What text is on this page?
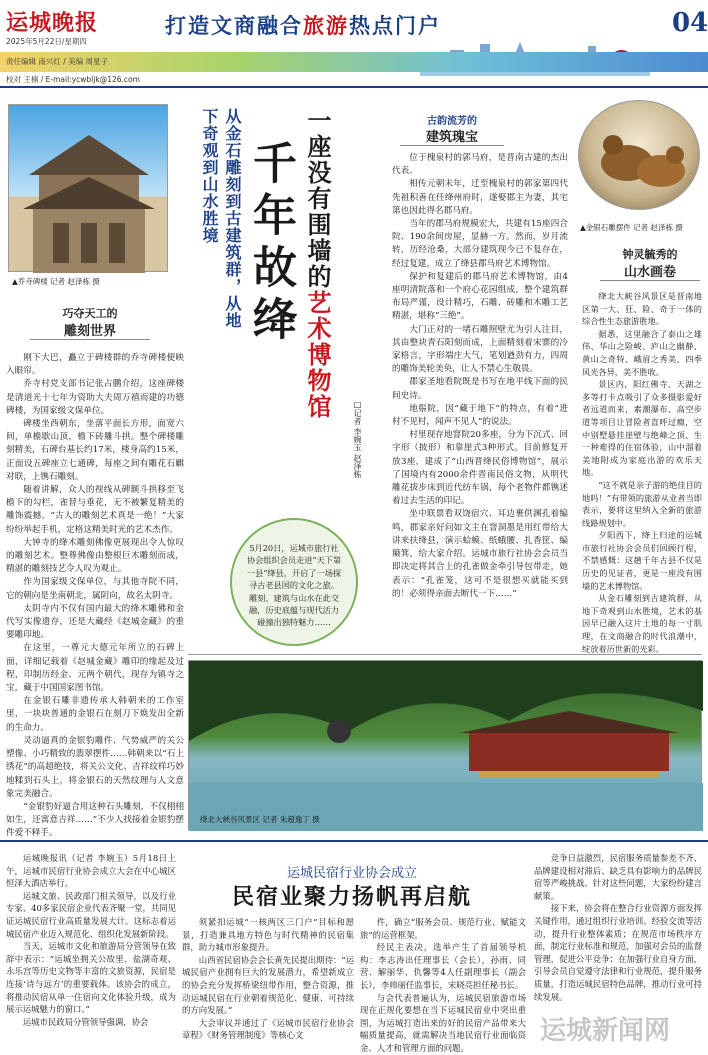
运城晚报	打造文商融合旅游热点门户	04
2025年5月22日/星期四
责任编辑 南兴红 / 美编 周星子
校对 王楠 / E-mail:ycwbljk@126.com
▲乔寺碑楼 记者 赵泽栋 摄
巧夺天工的
雕刻世界

刚下大巴，矗立于碑楼群的乔寺碑楼便映入眼帘。

乔寺村党支部书记张占鹏介绍，这座碑楼是清道光十七年为资助大夫周万禧而建的功德碑楼，为国家级文保单位。

碑楼坐西朝东，坐落平面长方形，面宽六间，单檐歇山顶，檐下砖雕斗拱。整个碑楼雕刻精美，石碑台基长约17米，楼身高约15米，正面设五碑座立七通碑，每座之间有雕花石麒对联，上镌石雕刻。

随着讲解，众人的视线从碑额斗拱移至飞檐下的勾栏，雀替与垂花，无不被繁复精美的雕饰震撼。“古人的雕刻艺术真是一绝！”大家纷纷举起手机，定格这精美时光的艺术杰作。

大钟寺的绛木雕刻佛像更展现出令人惊叹的雕刻艺术。整尊佛像由整根巨木雕刻而成，精湛的雕刻技艺令人叹为观止。

作为国家级文保单位，与其他寺院不同，它的朝向是坐南朝北，属阴向，故名太阴寺。

太阴寺内不仅有国内最大的绛木雕佛和金代写实像遗存，还是大藏经《赵城金藏》的重要雕印地。

在这里，一尊元大德元年所立的石碑上面，详细记载着《赵城金藏》雕印的缘起及过程，印制历经金、元两个朝代，现存为镇寺之宝，藏于中国国家图书馆。

在金银石雕非遗传承人韩朝来的工作室里，一块块普通的金银石在刻刀下焕发出全新的生命力。

灵动逼真的金银豹雕件、气势威严的关公塑像、小巧精致的翡翠摆件……韩朝来以“石上绣花”的高超绝技，将关公文化、吉祥纹样巧妙地糅到石头上，将金银石的天然纹理与人文意象完美融合。

“金银豹好逼合用这种石头雕刻，不仅栩栩如生，还寓意吉祥……”不少人找接着金银豹摆件爱不释手。

从金石雕刻到古建筑群，从地下奇观到山水胜境 千年故绛 一座没有围墙的艺术博物馆
□记者 李婉玉 赵泽栋
5月20日，运城市旅行社协会组织会员走进“天下第一县”绛县，开启了一场探寻古老县国的文化之旅。雕刻、建筑与山水在此交融，历史底蕴与现代活力碰撞出独特魅力……
古韵流芳的
建筑瑰宝

位于槐泉村的郭马府，是晋南古建的杰出代表。

相传元朝末年，迁至槐泉村的郭家第四代先祖积善在任绛州府时，遂娶郡主为妻，其宅第也因此得名郡马府。

当年的郡马府规模宏大，共建有15座四合院、190余间房屋，显赫一方。然而，岁月流转，历经沧桑，大部分建筑现今已不复存在，经过复建，成立了绛县郡马府艺术博物馆。

保护和复建后的郡马府艺术博物馆，由4座明清院落和一个府心花园组成，整个建筑群布局严谨，设计精巧，石雕、砖雕和木雕工艺精湛，堪称“三绝”。

大门正对的一堵石雕照壁尤为引人注目，其由整块青石阳刻而成，上面精刻着宋寨的冷家格言，字形端庄大气，笔划遒劲有力，四周的雕饰美轮美奂，让人不禁心生敬畏。

郡家圣地看院既是书写在地平线下面的民间史诗。

地鬃院，因“藏于地下”的特点，有着“进村不见村，闻声不见人”的说法。

村里现存地窨院20多座，分为下沉式、回字形（披形）和靠崖式3种形式。目前修复开放3座，建成了“山西晋绛民俗博物馆”，展示了国境内有2000余件晋南民俗文物，从明代雕花拔步床到近代纺车锅，每个老物件都镌述着过去生活的印记。

坐中联票看双饶宿穴、耳边裹供渊孔着编鸣，郡家亲好问如文主在窨洞墨是用红带给大讲来扶绛县，演示蛤蟆、纸蛾腰、扎香筐、编簸箕，给大家介绍。运城市旅行社协会会员当即决定将其合上的孔雀做金牵引导包带走，她表示：“孔雀笼，这可不是很想买就能买到的！必须得亲面去断代一下……”

▲金银石雕摆件 记者 赵泽栋 摄
钟灵毓秀的
山水画卷

绛北大峡谷风景区是晋南地区第一大、狂、险、奇于一体的综合性生态旅游胜地。

据悉，这里融合了泰山之雄伟、华山之险峻、庐山之幽静、黄山之奇特、峨眉之秀美，四季风光各异，美不胜收。

景区内，阳红佛寺、天湖之多等打卡点吸引了众多摄影爱好者远道而来，素潮瀑布、高空步道等项目让冒险者直呼过瘾，空中别墅悬挂崖壁与绝峰之顶、生一种难得的住宿体验，山中溜着美地附成为家庭出游的欢乐天地。

“这不就是亲子游的绝佳目的地吗！”有带领的旅游从业者当即表示，要将这里纳入全新的旅游线路规划中。

夕阳西下，绛上归途的运城市旅行社协会会员们回顾行程，不禁感慨：这趟千年古县不仅是历史的见证者，更是一座没有围墙的艺术博物馆。

从金石雕刻到古建筑群，从地下奇观到山水胜境，艺术的基因早已融入这片土地的每一寸肌理，在文商融合的时代浪潮中，绽放着历世新的光彩。

绛北大峡谷风景区 记者 朱超逸丁 摄
运城民宿行业协会成立
民宿业聚力扬帆再启航

运城晚报讯（记者 李婉玉）5月18日上午，运城市民宿行业协会成立大会在中心城区恒泽大酒店举行。

运城文旅、民政部门相关领导，以及行业专家、40多家民宿企业代表齐聚一堂，共同见证运城民宿行业高质量发展大计。这标志着运城民宿产业迈入规范化、组织化发展新阶段。

当天，运城市文化和旅游局分管领导在致辞中表示：“运城坐拥关公故里、盐湖奇观、永乐宫等历史文物等丰富的文旅资源，民宿是连接‘诗与远方’的重要载体。该协会的成立，将推动民宿从单一住宿向文化体验升级，成为展示运城魅力的窗口。”

运城市民政局分管领导强调，协会

须紧扣运城“一核两区三门户”目标和愿景，打造兼具地方特色与时代精神的民宿集群，助力城市形象提升。

山西省民宿协会会长黄先民提出期待：“运城民宿产业拥有巨大的发展潜力，希望新成立的协会充分发挥桥梁纽带作用，整合资源，推动运城民宿在行业朝着规范化、健康、可持续的方向发展。”

大会审议并通过了《运城市民宿行业协会章程》《财务管理制度》等核心文

件，确立“服务会员、规范行业、赋能文旅”的运营框架。

经民主表决，选举产生了首届领导机构：李志涛出任理事长（会长），孙雨、同营、解丽华、仇馨等4人任副理事长（副会长），李帅丽任监事长，宋晓亮担任秘书长。

与会代表普遍认为，运城民宿旅游市场现在正规化要想在当下运城民宿业中突出重围，为运城打造出来的好的民宿产品带来大幅质量提高，就需解决当地民宿行业面临资金、人才和管理方面的问题。

竞争日益激烈，民宿服务质量参差不齐、品牌建设相对滞后、缺乏具有影响力的品牌民宿等严峻挑战。针对这些问题，大家纷纷建言献策。

接下来，协会将在整合行业资源方面发挥关键作用，通过组织行业培训、经验交流等活动，提升行业整体素质；在规范市场秩序方面，制定行业标准和规范，加强对会员的监督管理，促进公平竞争；在加强行业自身方面，引导会员自觉遵守法律和行业规范，提升服务质量，打造运城民宿特色品牌，推动行业可持续发展。

运城新闻网
